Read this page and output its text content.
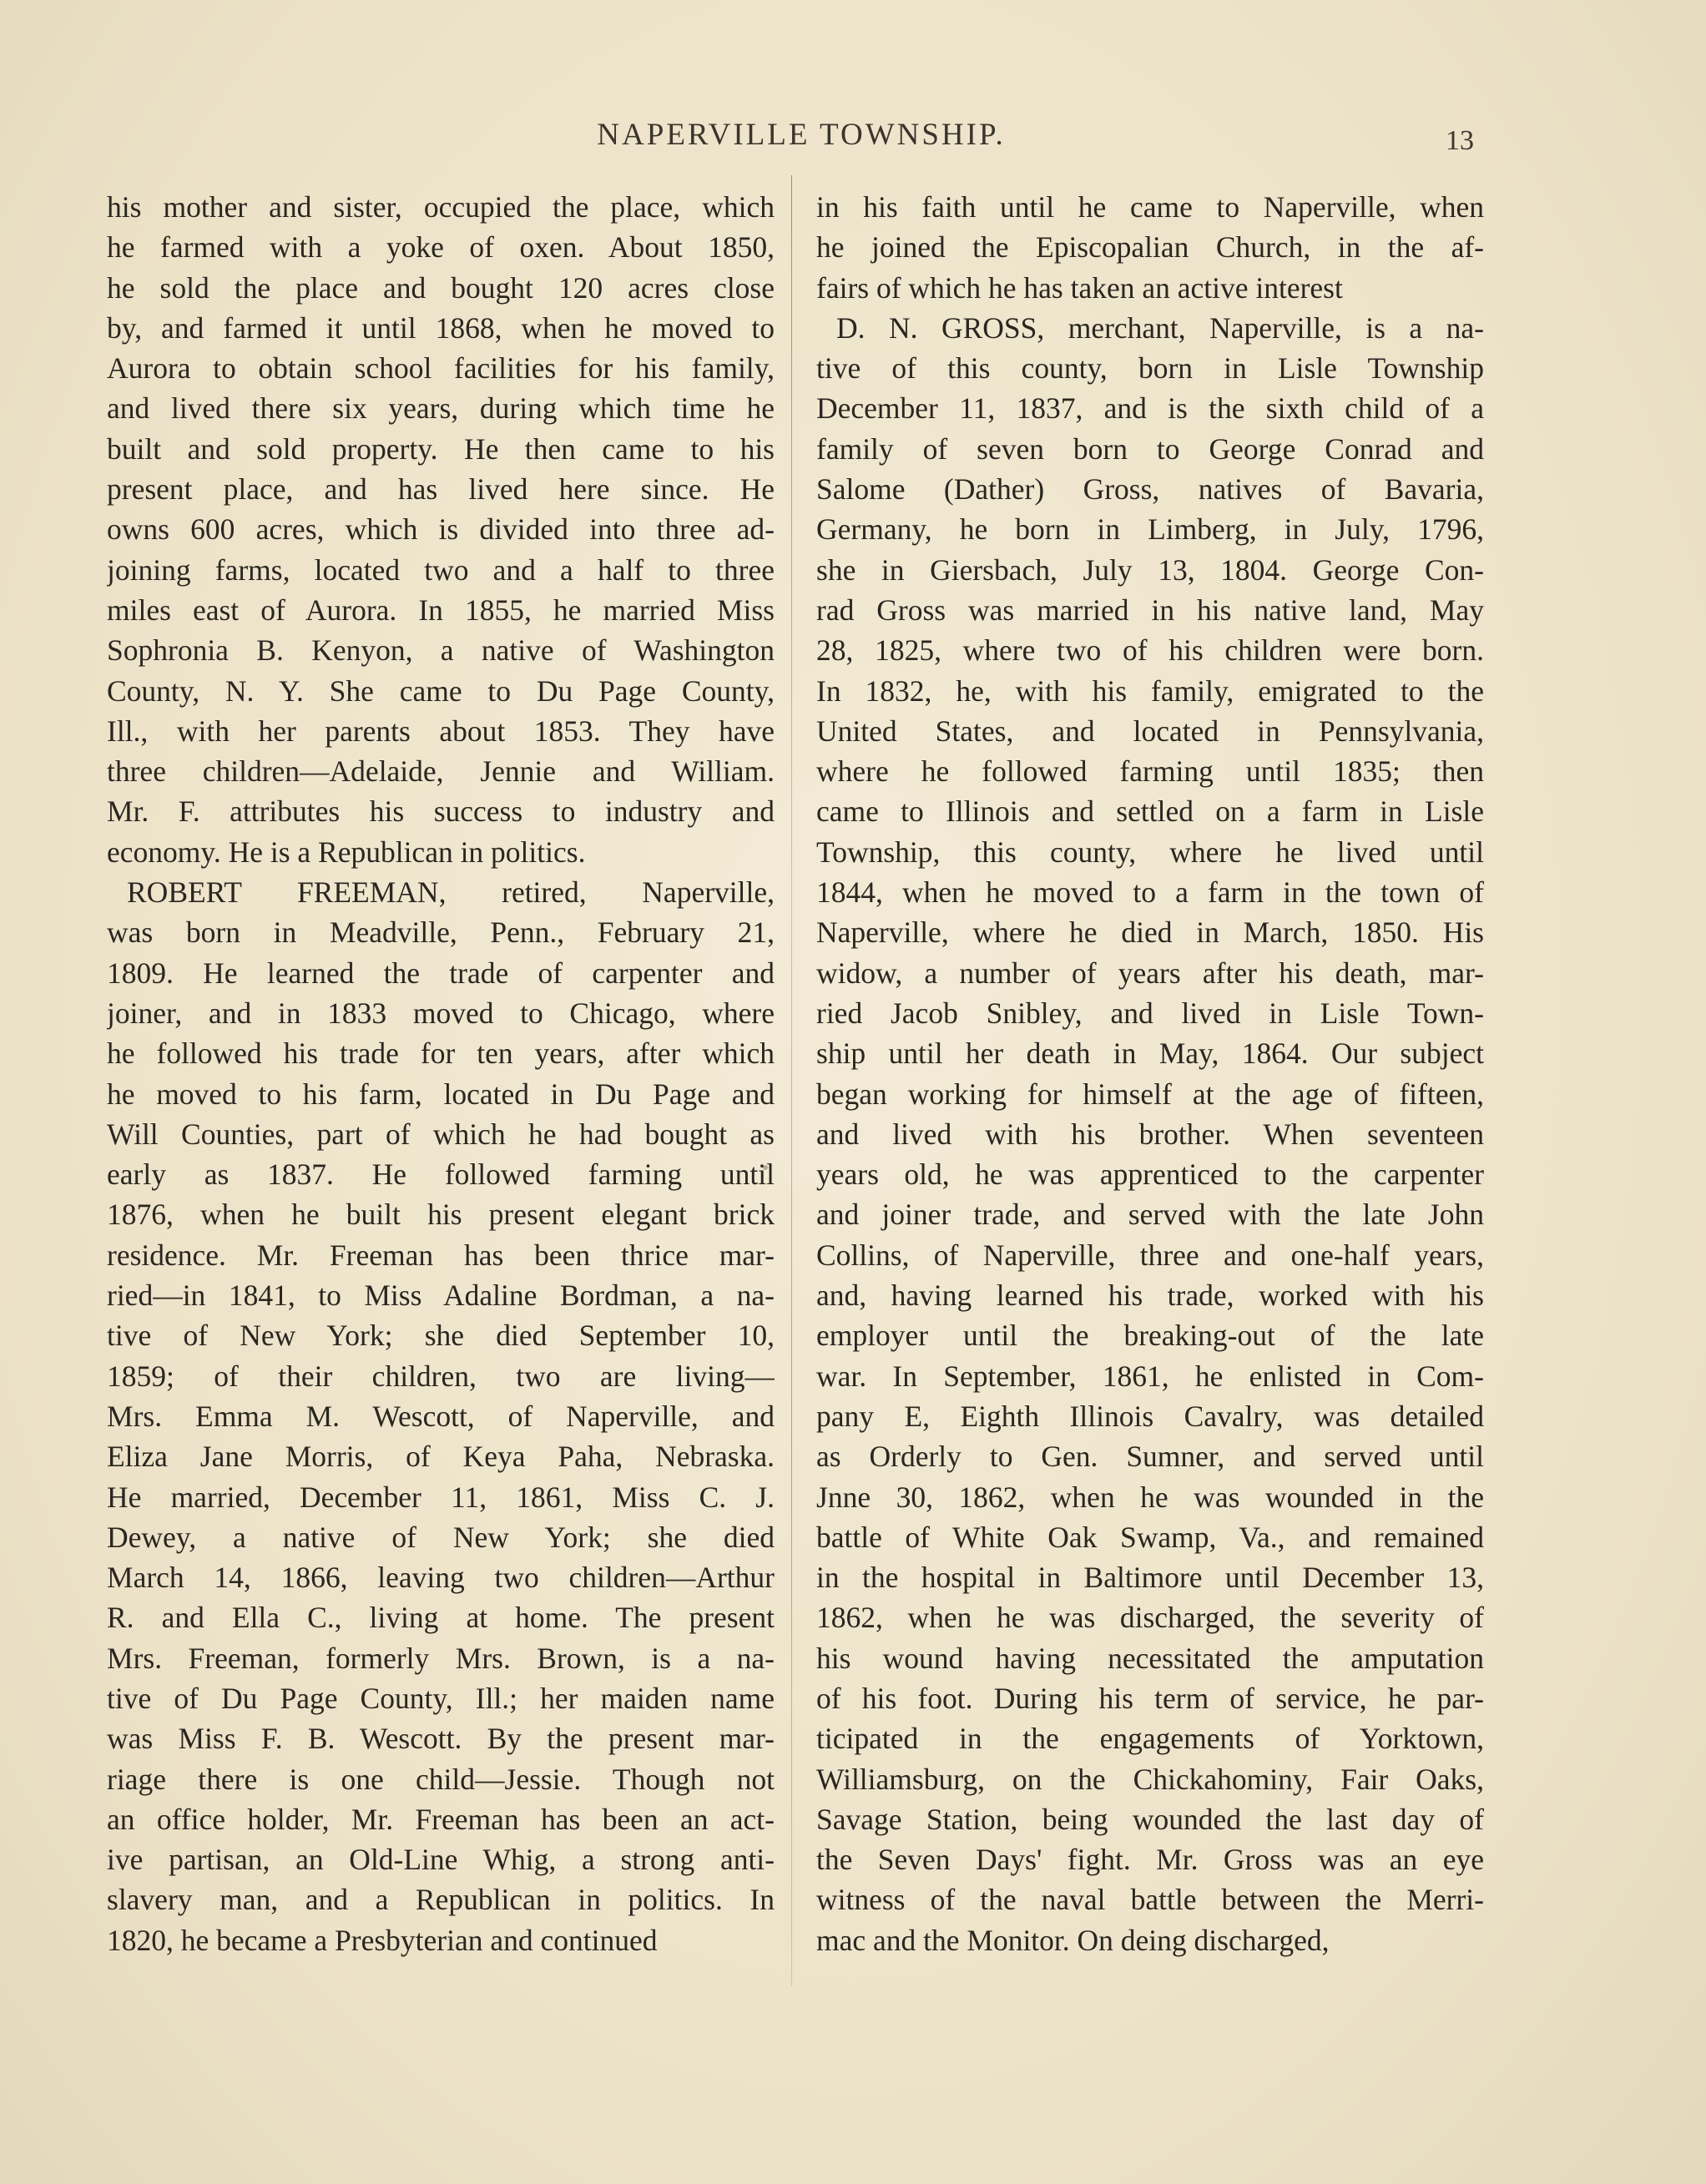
NAPERVILLE TOWNSHIP.	13
his mother and sister, occupied the place, which
he farmed with a yoke of oxen. About 1850,
he sold the place and bought 120 acres close
by, and farmed it until 1868, when he moved to
Aurora to obtain school facilities for his family,
and lived there six years, during which time he
built and sold property. He then came to his
present place, and has lived here since. He
owns 600 acres, which is divided into three ad-
joining farms, located two and a half to three
miles east of Aurora. In 1855, he married Miss
Sophronia B. Kenyon, a native of Washington
County, N. Y. She came to Du Page County,
Ill., with her parents about 1853. They have
three children—Adelaide, Jennie and William.
Mr. F. attributes his success to industry and
economy. He is a Republican in politics.
ROBERT FREEMAN, retired, Naperville,
was born in Meadville, Penn., February 21,
1809. He learned the trade of carpenter and
joiner, and in 1833 moved to Chicago, where
he followed his trade for ten years, after which
he moved to his farm, located in Du Page and
Will Counties, part of which he had bought as
early as 1837. He followed farming until
1876, when he built his present elegant brick
residence. Mr. Freeman has been thrice mar-
ried—in 1841, to Miss Adaline Bordman, a na-
tive of New York; she died September 10,
1859; of their children, two are living—
Mrs. Emma M. Wescott, of Naperville, and
Eliza Jane Morris, of Keya Paha, Nebraska.
He married, December 11, 1861, Miss C. J.
Dewey, a native of New York; she died
March 14, 1866, leaving two children—Arthur
R. and Ella C., living at home. The present
Mrs. Freeman, formerly Mrs. Brown, is a na-
tive of Du Page County, Ill.; her maiden name
was Miss F. B. Wescott. By the present mar-
riage there is one child—Jessie. Though not
an office holder, Mr. Freeman has been an act-
ive partisan, an Old-Line Whig, a strong anti-
slavery man, and a Republican in politics. In
1820, he became a Presbyterian and continued
in his faith until he came to Naperville, when
he joined the Episcopalian Church, in the af-
fairs of which he has taken an active interest
D. N. GROSS, merchant, Naperville, is a na-
tive of this county, born in Lisle Township
December 11, 1837, and is the sixth child of a
family of seven born to George Conrad and
Salome (Dather) Gross, natives of Bavaria,
Germany, he born in Limberg, in July, 1796,
she in Giersbach, July 13, 1804. George Con-
rad Gross was married in his native land, May
28, 1825, where two of his children were born.
In 1832, he, with his family, emigrated to the
United States, and located in Pennsylvania,
where he followed farming until 1835; then
came to Illinois and settled on a farm in Lisle
Township, this county, where he lived until
1844, when he moved to a farm in the town of
Naperville, where he died in March, 1850. His
widow, a number of years after his death, mar-
ried Jacob Snibley, and lived in Lisle Town-
ship until her death in May, 1864. Our subject
began working for himself at the age of fifteen,
and lived with his brother. When seventeen
years old, he was apprenticed to the carpenter
and joiner trade, and served with the late John
Collins, of Naperville, three and one-half years,
and, having learned his trade, worked with his
employer until the breaking-out of the late
war. In September, 1861, he enlisted in Com-
pany E, Eighth Illinois Cavalry, was detailed
as Orderly to Gen. Sumner, and served until
Jnne 30, 1862, when he was wounded in the
battle of White Oak Swamp, Va., and remained
in the hospital in Baltimore until December 13,
1862, when he was discharged, the severity of
his wound having necessitated the amputation
of his foot. During his term of service, he par-
ticipated in the engagements of Yorktown,
Williamsburg, on the Chickahominy, Fair Oaks,
Savage Station, being wounded the last day of
the Seven Days' fight. Mr. Gross was an eye
witness of the naval battle between the Merri-
mac and the Monitor. On deing discharged,
